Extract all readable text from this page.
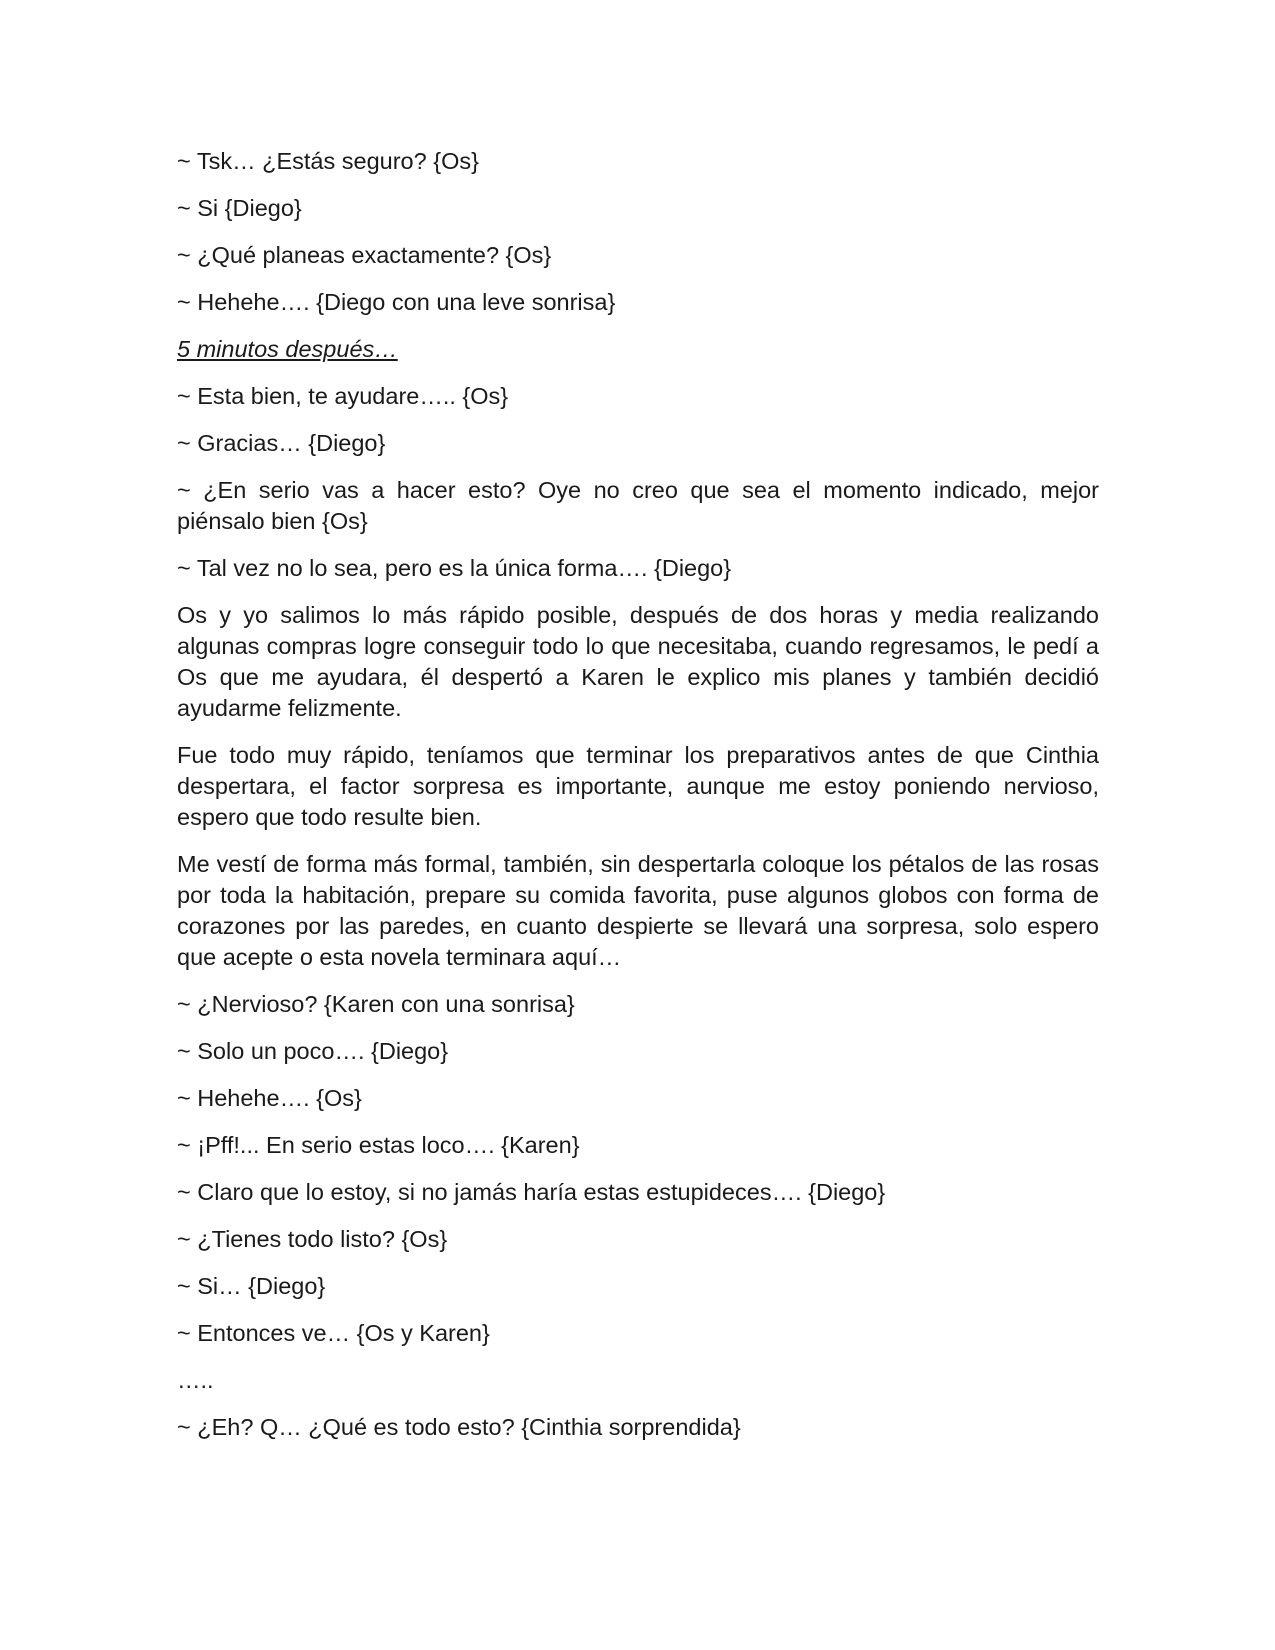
~ Tsk… ¿Estás seguro? {Os}

~ Si {Diego}

~ ¿Qué planeas exactamente? {Os}

~ Hehehe…. {Diego con una leve sonrisa}

5 minutos después…

~ Esta bien, te ayudare….. {Os}

~ Gracias… {Diego}

~ ¿En serio vas a hacer esto? Oye no creo que sea el momento indicado, mejor piénsalo bien {Os}

~ Tal vez no lo sea, pero es la única forma…. {Diego}

Os y yo salimos lo más rápido posible, después de dos horas y media realizando algunas compras logre conseguir todo lo que necesitaba, cuando regresamos, le pedí a Os que me ayudara, él despertó a Karen le explico mis planes y también decidió ayudarme felizmente.

Fue todo muy rápido, teníamos que terminar los preparativos antes de que Cinthia despertara, el factor sorpresa es importante, aunque me estoy poniendo nervioso, espero que todo resulte bien.

Me vestí de forma más formal, también, sin despertarla coloque los pétalos de las rosas por toda la habitación, prepare su comida favorita, puse algunos globos con forma de corazones por las paredes, en cuanto despierte se llevará una sorpresa, solo espero que acepte o esta novela terminara aquí…

~ ¿Nervioso? {Karen con una sonrisa}

~ Solo un poco…. {Diego}

~ Hehehe…. {Os}

~ ¡Pff!... En serio estas loco…. {Karen}

~ Claro que lo estoy, si no jamás haría estas estupideces…. {Diego}

~ ¿Tienes todo listo? {Os}

~ Si… {Diego}

~ Entonces ve… {Os y Karen}

…..

~ ¿Eh? Q… ¿Qué es todo esto? {Cinthia sorprendida}
